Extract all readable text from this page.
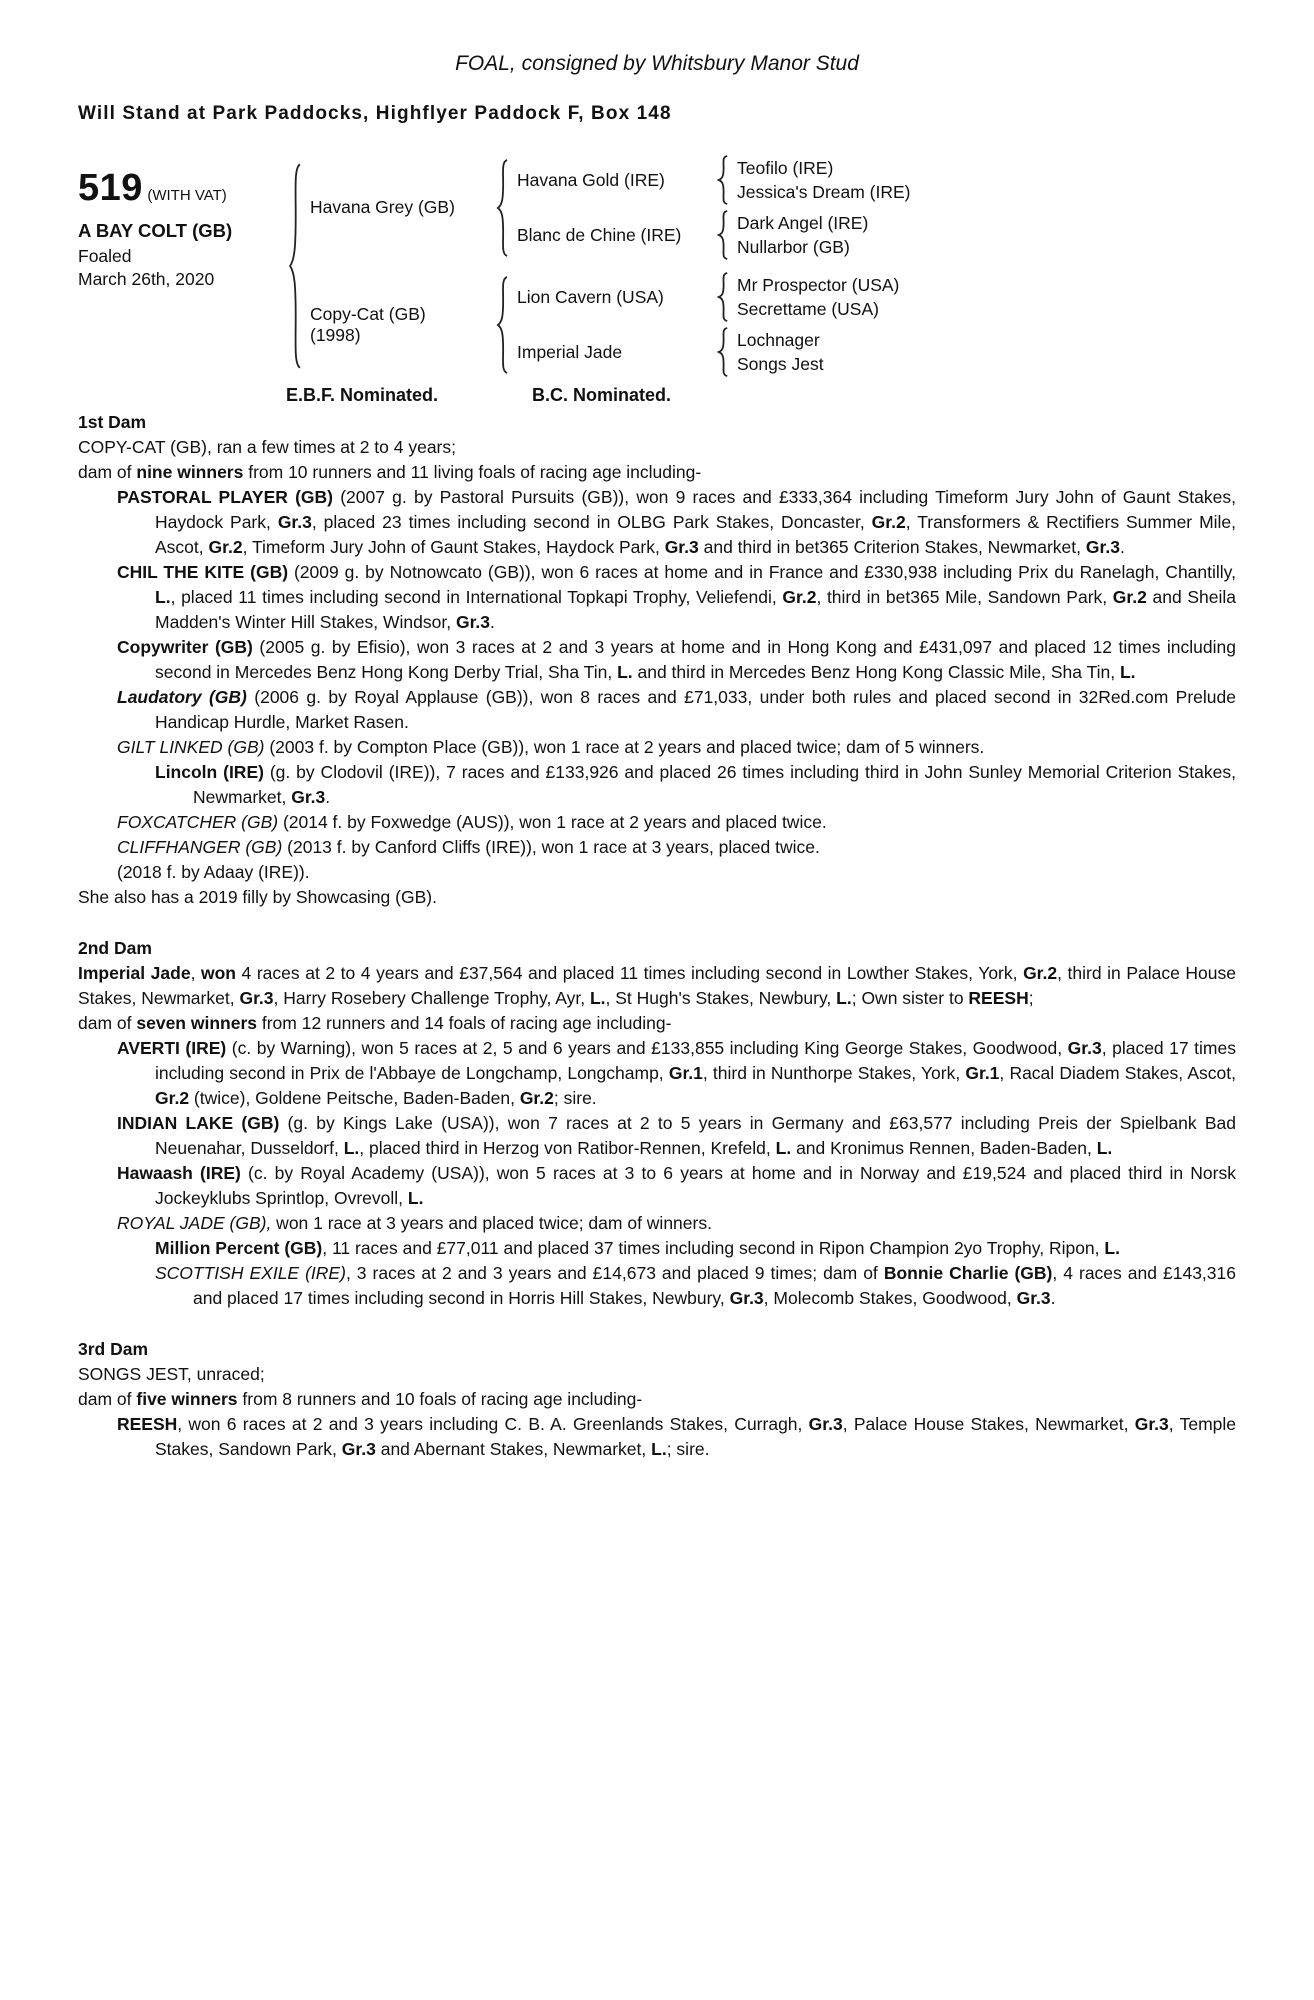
FOAL, consigned by Whitsbury Manor Stud
Will Stand at Park Paddocks, Highflyer Paddock F, Box 148
519 (WITH VAT)
A BAY COLT (GB)
Foaled
March 26th, 2020
Havana Grey (GB)
Havana Gold (IRE)
Teofilo (IRE)
Jessica's Dream (IRE)
Blanc de Chine (IRE)
Dark Angel (IRE)
Nullarbor (GB)
Copy-Cat (GB)
(1998)
Lion Cavern (USA)
Mr Prospector (USA)
Secrettame (USA)
Imperial Jade
Lochnager
Songs Jest
E.B.F. Nominated.	B.C. Nominated.
1st Dam

COPY-CAT (GB), ran a few times at 2 to 4 years;

dam of nine winners from 10 runners and 11 living foals of racing age including-

PASTORAL PLAYER (GB) (2007 g. by Pastoral Pursuits (GB)), won 9 races and £333,364 including Timeform Jury John of Gaunt Stakes, Haydock Park, Gr.3, placed 23 times including second in OLBG Park Stakes, Doncaster, Gr.2, Transformers & Rectifiers Summer Mile, Ascot, Gr.2, Timeform Jury John of Gaunt Stakes, Haydock Park, Gr.3 and third in bet365 Criterion Stakes, Newmarket, Gr.3.

CHIL THE KITE (GB) (2009 g. by Notnowcato (GB)), won 6 races at home and in France and £330,938 including Prix du Ranelagh, Chantilly, L., placed 11 times including second in International Topkapi Trophy, Veliefendi, Gr.2, third in bet365 Mile, Sandown Park, Gr.2 and Sheila Madden's Winter Hill Stakes, Windsor, Gr.3.

Copywriter (GB) (2005 g. by Efisio), won 3 races at 2 and 3 years at home and in Hong Kong and £431,097 and placed 12 times including second in Mercedes Benz Hong Kong Derby Trial, Sha Tin, L. and third in Mercedes Benz Hong Kong Classic Mile, Sha Tin, L.

Laudatory (GB) (2006 g. by Royal Applause (GB)), won 8 races and £71,033, under both rules and placed second in 32Red.com Prelude Handicap Hurdle, Market Rasen.

GILT LINKED (GB) (2003 f. by Compton Place (GB)), won 1 race at 2 years and placed twice; dam of 5 winners.

Lincoln (IRE) (g. by Clodovil (IRE)), 7 races and £133,926 and placed 26 times including third in John Sunley Memorial Criterion Stakes, Newmarket, Gr.3.

FOXCATCHER (GB) (2014 f. by Foxwedge (AUS)), won 1 race at 2 years and placed twice.

CLIFFHANGER (GB) (2013 f. by Canford Cliffs (IRE)), won 1 race at 3 years, placed twice.

(2018 f. by Adaay (IRE)).

She also has a 2019 filly by Showcasing (GB).

2nd Dam

Imperial Jade, won 4 races at 2 to 4 years and £37,564 and placed 11 times including second in Lowther Stakes, York, Gr.2, third in Palace House Stakes, Newmarket, Gr.3, Harry Rosebery Challenge Trophy, Ayr, L., St Hugh's Stakes, Newbury, L.; Own sister to REESH;

dam of seven winners from 12 runners and 14 foals of racing age including-

AVERTI (IRE) (c. by Warning), won 5 races at 2, 5 and 6 years and £133,855 including King George Stakes, Goodwood, Gr.3, placed 17 times including second in Prix de l'Abbaye de Longchamp, Longchamp, Gr.1, third in Nunthorpe Stakes, York, Gr.1, Racal Diadem Stakes, Ascot, Gr.2 (twice), Goldene Peitsche, Baden-Baden, Gr.2; sire.

INDIAN LAKE (GB) (g. by Kings Lake (USA)), won 7 races at 2 to 5 years in Germany and £63,577 including Preis der Spielbank Bad Neuenahar, Dusseldorf, L., placed third in Herzog von Ratibor-Rennen, Krefeld, L. and Kronimus Rennen, Baden-Baden, L.

Hawaash (IRE) (c. by Royal Academy (USA)), won 5 races at 3 to 6 years at home and in Norway and £19,524 and placed third in Norsk Jockeyklubs Sprintlop, Ovrevoll, L.

ROYAL JADE (GB), won 1 race at 3 years and placed twice; dam of winners.

Million Percent (GB), 11 races and £77,011 and placed 37 times including second in Ripon Champion 2yo Trophy, Ripon, L.

SCOTTISH EXILE (IRE), 3 races at 2 and 3 years and £14,673 and placed 9 times; dam of Bonnie Charlie (GB), 4 races and £143,316 and placed 17 times including second in Horris Hill Stakes, Newbury, Gr.3, Molecomb Stakes, Goodwood, Gr.3.

3rd Dam

SONGS JEST, unraced;

dam of five winners from 8 runners and 10 foals of racing age including-

REESH, won 6 races at 2 and 3 years including C. B. A. Greenlands Stakes, Curragh, Gr.3, Palace House Stakes, Newmarket, Gr.3, Temple Stakes, Sandown Park, Gr.3 and Abernant Stakes, Newmarket, L.; sire.
